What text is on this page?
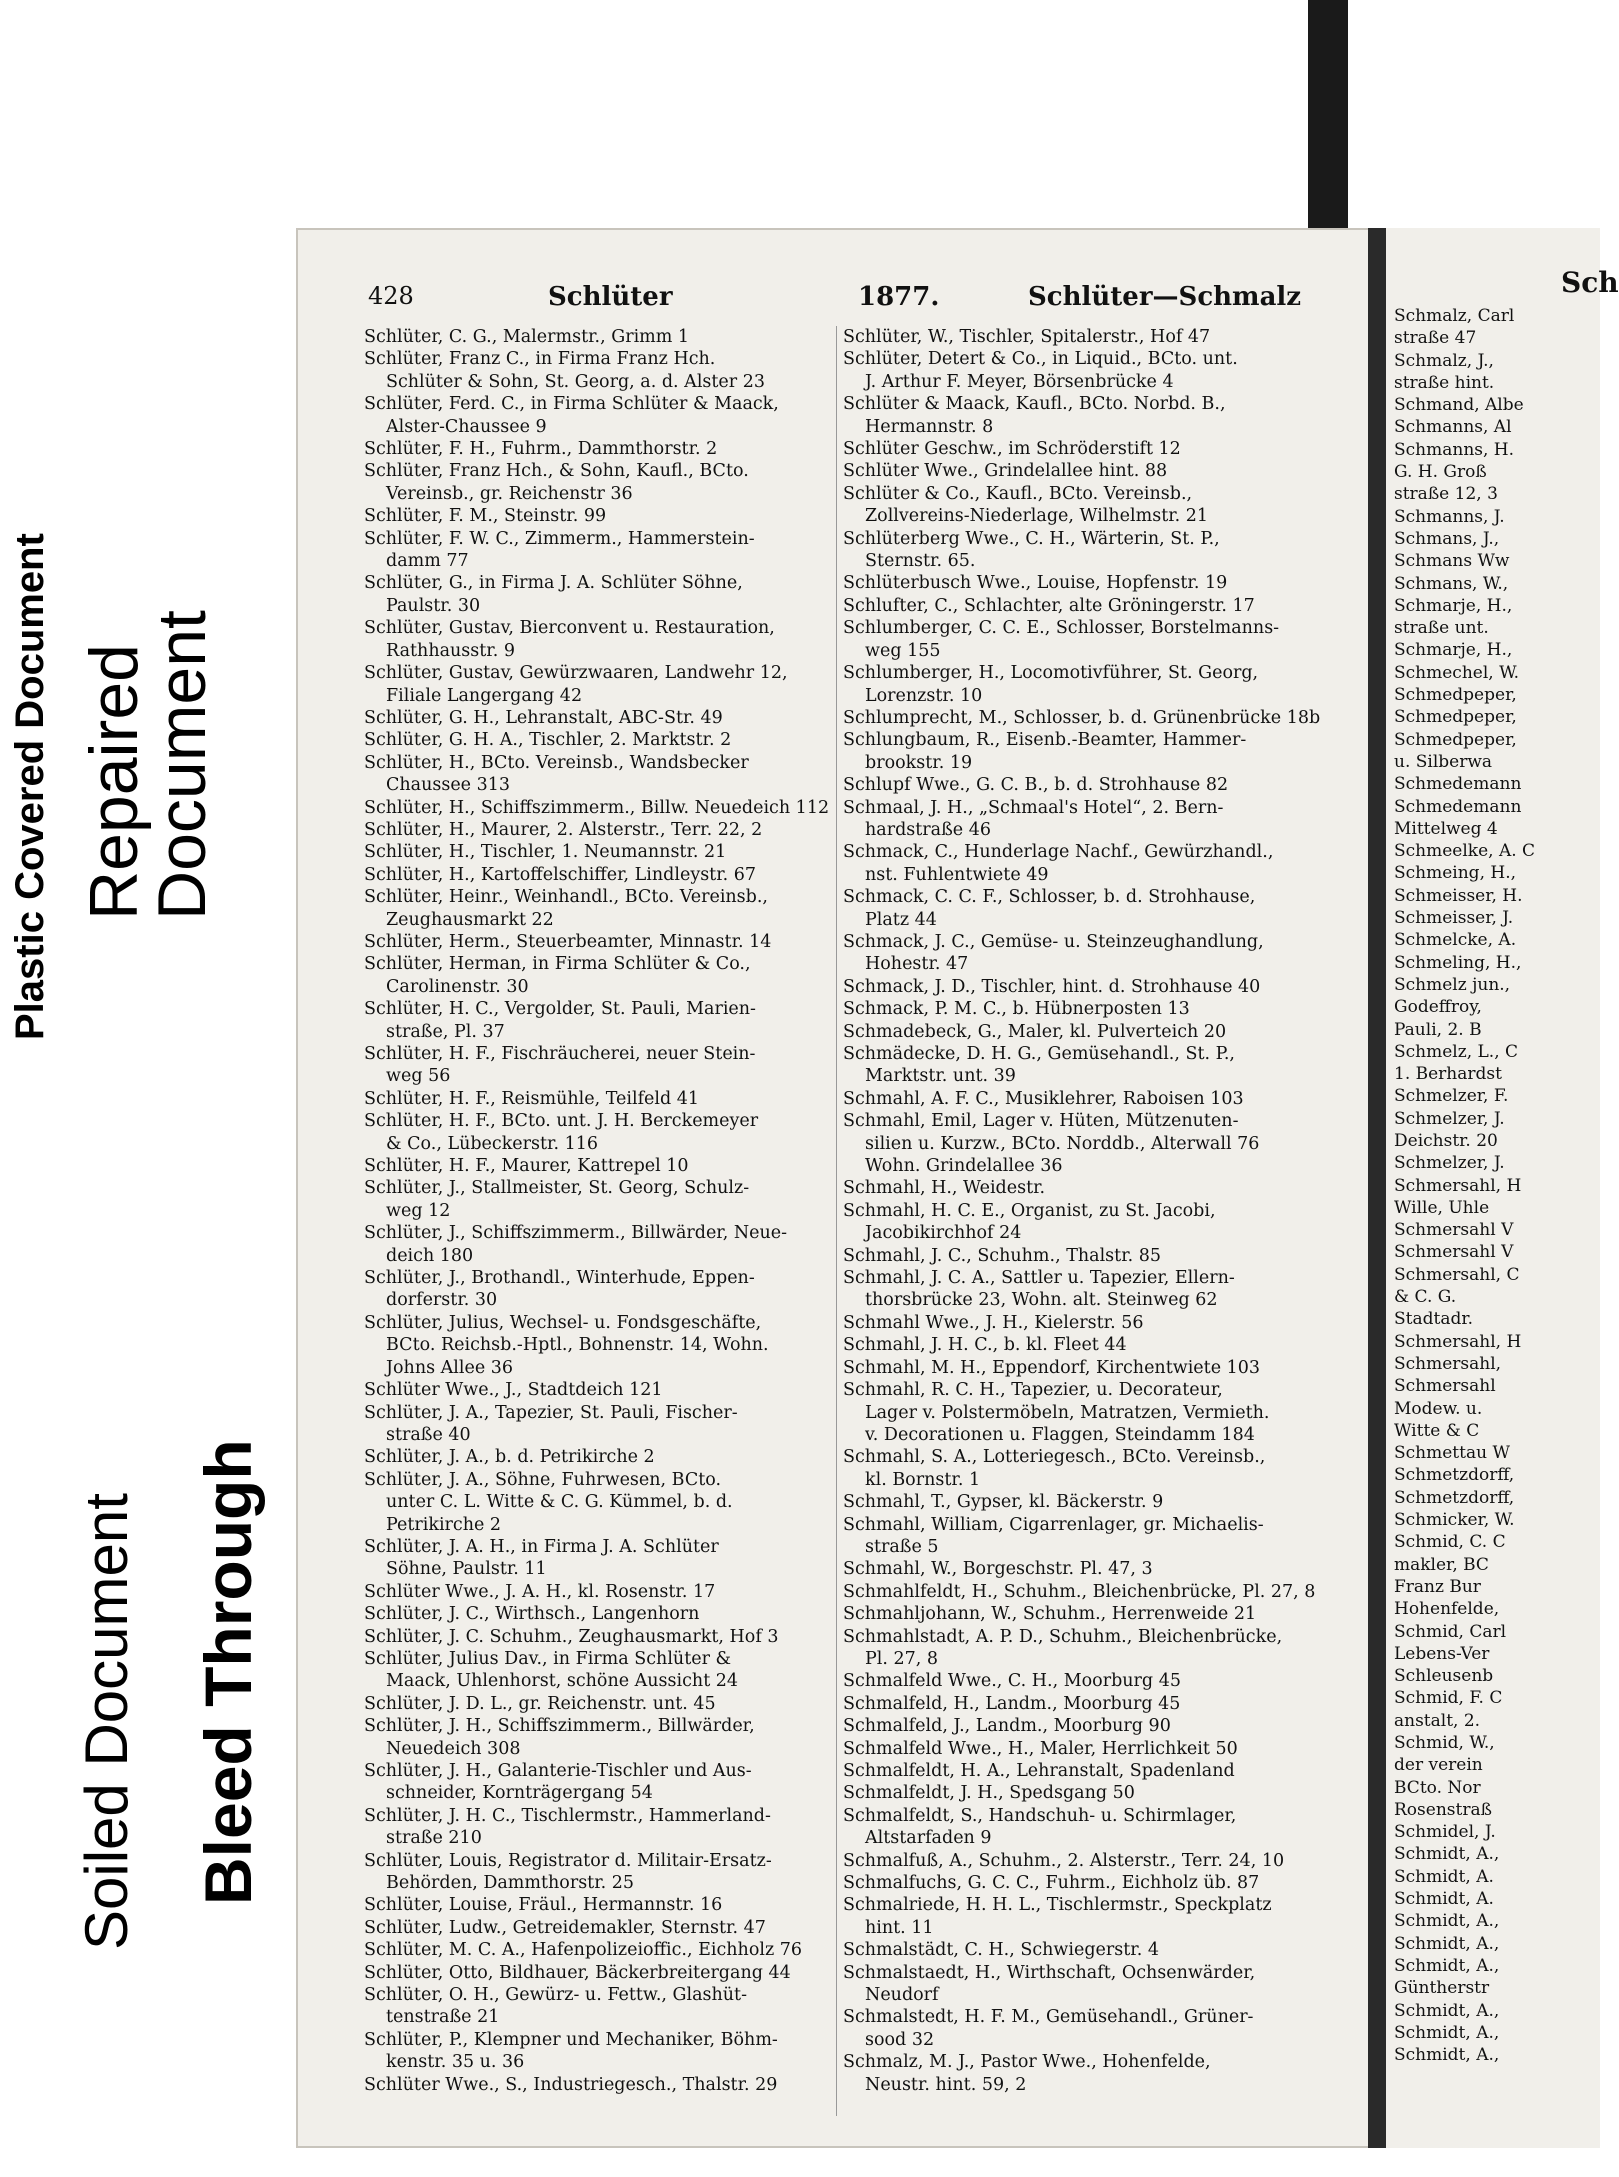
Plastic Covered Document Repaired
Document
Soiled Document Bleed Through
428	Schlüter	1877.	Schlüter—Schmalz
Schlüter, C. G., Malermstr., Grimm 1
Schlüter, Franz C., in Firma Franz Hch.
Schlüter & Sohn, St. Georg, a. d. Alster 23
Schlüter, Ferd. C., in Firma Schlüter & Maack,
Alster-Chaussee 9
Schlüter, F. H., Fuhrm., Dammthorstr. 2
Schlüter, Franz Hch., & Sohn, Kaufl., BCto.
Vereinsb., gr. Reichenstr 36
Schlüter, F. M., Steinstr. 99
Schlüter, F. W. C., Zimmerm., Hammerstein-
damm 77
Schlüter, G., in Firma J. A. Schlüter Söhne,
Paulstr. 30
Schlüter, Gustav, Bierconvent u. Restauration,
Rathhausstr. 9
Schlüter, Gustav, Gewürzwaaren, Landwehr 12,
Filiale Langergang 42
Schlüter, G. H., Lehranstalt, ABC-Str. 49
Schlüter, G. H. A., Tischler, 2. Marktstr. 2
Schlüter, H., BCto. Vereinsb., Wandsbecker
Chaussee 313
Schlüter, H., Schiffszimmerm., Billw. Neuedeich 112
Schlüter, H., Maurer, 2. Alsterstr., Terr. 22, 2
Schlüter, H., Tischler, 1. Neumannstr. 21
Schlüter, H., Kartoffelschiffer, Lindleystr. 67
Schlüter, Heinr., Weinhandl., BCto. Vereinsb.,
Zeughausmarkt 22
Schlüter, Herm., Steuerbeamter, Minnastr. 14
Schlüter, Herman, in Firma Schlüter & Co.,
Carolinenstr. 30
Schlüter, H. C., Vergolder, St. Pauli, Marien-
straße, Pl. 37
Schlüter, H. F., Fischräucherei, neuer Stein-
weg 56
Schlüter, H. F., Reismühle, Teilfeld 41
Schlüter, H. F., BCto. unt. J. H. Berckemeyer
& Co., Lübeckerstr. 116
Schlüter, H. F., Maurer, Kattrepel 10
Schlüter, J., Stallmeister, St. Georg, Schulz-
weg 12
Schlüter, J., Schiffszimmerm., Billwärder, Neue-
deich 180
Schlüter, J., Brothandl., Winterhude, Eppen-
dorferstr. 30
Schlüter, Julius, Wechsel- u. Fondsgeschäfte,
BCto. Reichsb.-Hptl., Bohnenstr. 14, Wohn.
Johns Allee 36
Schlüter Wwe., J., Stadtdeich 121
Schlüter, J. A., Tapezier, St. Pauli, Fischer-
straße 40
Schlüter, J. A., b. d. Petrikirche 2
Schlüter, J. A., Söhne, Fuhrwesen, BCto.
unter C. L. Witte & C. G. Kümmel, b. d.
Petrikirche 2
Schlüter, J. A. H., in Firma J. A. Schlüter
Söhne, Paulstr. 11
Schlüter Wwe., J. A. H., kl. Rosenstr. 17
Schlüter, J. C., Wirthsch., Langenhorn
Schlüter, J. C. Schuhm., Zeughausmarkt, Hof 3
Schlüter, Julius Dav., in Firma Schlüter &
Maack, Uhlenhorst, schöne Aussicht 24
Schlüter, J. D. L., gr. Reichenstr. unt. 45
Schlüter, J. H., Schiffszimmerm., Billwärder,
Neuedeich 308
Schlüter, J. H., Galanterie-Tischler und Aus-
schneider, Kornträgergang 54
Schlüter, J. H. C., Tischlermstr., Hammerland-
straße 210
Schlüter, Louis, Registrator d. Militair-Ersatz-
Behörden, Dammthorstr. 25
Schlüter, Louise, Fräul., Hermannstr. 16
Schlüter, Ludw., Getreidemakler, Sternstr. 47
Schlüter, M. C. A., Hafenpolizeioffic., Eichholz 76
Schlüter, Otto, Bildhauer, Bäckerbreitergang 44
Schlüter, O. H., Gewürz- u. Fettw., Glashüt-
tenstraße 21
Schlüter, P., Klempner und Mechaniker, Böhm-
kenstr. 35 u. 36
Schlüter Wwe., S., Industriegesch., Thalstr. 29
Schlüter, W., Tischler, Spitalerstr., Hof 47
Schlüter, Detert & Co., in Liquid., BCto. unt.
J. Arthur F. Meyer, Börsenbrücke 4
Schlüter & Maack, Kaufl., BCto. Norbd. B.,
Hermannstr. 8
Schlüter Geschw., im Schröderstift 12
Schlüter Wwe., Grindelallee hint. 88
Schlüter & Co., Kaufl., BCto. Vereinsb.,
Zollvereins-Niederlage, Wilhelmstr. 21
Schlüterberg Wwe., C. H., Wärterin, St. P.,
Sternstr. 65.
Schlüterbusch Wwe., Louise, Hopfenstr. 19
Schlufter, C., Schlachter, alte Gröningerstr. 17
Schlumberger, C. C. E., Schlosser, Borstelmanns-
weg 155
Schlumberger, H., Locomotivführer, St. Georg,
Lorenzstr. 10
Schlumprecht, M., Schlosser, b. d. Grünenbrücke 18b
Schlungbaum, R., Eisenb.-Beamter, Hammer-
brookstr. 19
Schlupf Wwe., G. C. B., b. d. Strohhause 82
Schmaal, J. H., „Schmaal's Hotel“, 2. Bern-
hardstraße 46
Schmack, C., Hunderlage Nachf., Gewürzhandl.,
nst. Fuhlentwiete 49
Schmack, C. C. F., Schlosser, b. d. Strohhause,
Platz 44
Schmack, J. C., Gemüse- u. Steinzeughandlung,
Hohestr. 47
Schmack, J. D., Tischler, hint. d. Strohhause 40
Schmack, P. M. C., b. Hübnerposten 13
Schmadebeck, G., Maler, kl. Pulverteich 20
Schmädecke, D. H. G., Gemüsehandl., St. P.,
Marktstr. unt. 39
Schmahl, A. F. C., Musiklehrer, Raboisen 103
Schmahl, Emil, Lager v. Hüten, Mützenuten-
silien u. Kurzw., BCto. Norddb., Alterwall 76
Wohn. Grindelallee 36
Schmahl, H., Weidestr.
Schmahl, H. C. E., Organist, zu St. Jacobi,
Jacobikirchhof 24
Schmahl, J. C., Schuhm., Thalstr. 85
Schmahl, J. C. A., Sattler u. Tapezier, Ellern-
thorsbrücke 23, Wohn. alt. Steinweg 62
Schmahl Wwe., J. H., Kielerstr. 56
Schmahl, J. H. C., b. kl. Fleet 44
Schmahl, M. H., Eppendorf, Kirchentwiete 103
Schmahl, R. C. H., Tapezier, u. Decorateur,
Lager v. Polstermöbeln, Matratzen, Vermieth.
v. Decorationen u. Flaggen, Steindamm 184
Schmahl, S. A., Lotteriegesch., BCto. Vereinsb.,
kl. Bornstr. 1
Schmahl, T., Gypser, kl. Bäckerstr. 9
Schmahl, William, Cigarrenlager, gr. Michaelis-
straße 5
Schmahl, W., Borgeschstr. Pl. 47, 3
Schmahlfeldt, H., Schuhm., Bleichenbrücke, Pl. 27, 8
Schmahljohann, W., Schuhm., Herrenweide 21
Schmahlstadt, A. P. D., Schuhm., Bleichenbrücke,
Pl. 27, 8
Schmalfeld Wwe., C. H., Moorburg 45
Schmalfeld, H., Landm., Moorburg 45
Schmalfeld, J., Landm., Moorburg 90
Schmalfeld Wwe., H., Maler, Herrlichkeit 50
Schmalfeldt, H. A., Lehranstalt, Spadenland
Schmalfeldt, J. H., Spedsgang 50
Schmalfeldt, S., Handschuh- u. Schirmlager,
Altstarfaden 9
Schmalfuß, A., Schuhm., 2. Alsterstr., Terr. 24, 10
Schmalfuchs, G. C. C., Fuhrm., Eichholz üb. 87
Schmalriede, H. H. L., Tischlermstr., Speckplatz
hint. 11
Schmalstädt, C. H., Schwiegerstr. 4
Schmalstaedt, H., Wirthschaft, Ochsenwärder,
Neudorf
Schmalstedt, H. F. M., Gemüsehandl., Grüner-
sood 32
Schmalz, M. J., Pastor Wwe., Hohenfelde,
Neustr. hint. 59, 2
Sch
Schmalz, Carl
straße 47
Schmalz, J.,
straße hint.
Schmand, Albe
Schmanns, Al
Schmanns, H.
G. H. Groß
straße 12, 3
Schmanns, J.
Schmans, J.,
Schmans Ww
Schmans, W.,
Schmarje, H.,
straße unt.
Schmarje, H.,
Schmechel, W.
Schmedpeper,
Schmedpeper,
Schmedpeper,
u. Silberwa
Schmedemann
Schmedemann
Mittelweg 4
Schmeelke, A. C
Schmeing, H.,
Schmeisser, H.
Schmeisser, J.
Schmelcke, A.
Schmeling, H.,
Schmelz jun.,
Godeffroy,
Pauli, 2. B
Schmelz, L., C
1. Berhardst
Schmelzer, F.
Schmelzer, J.
Deichstr. 20
Schmelzer, J.
Schmersahl, H
Wille, Uhle
Schmersahl V
Schmersahl V
Schmersahl, C
& C. G.
Stadtadr.
Schmersahl, H
Schmersahl,
Schmersahl
Modew. u.
Witte & C
Schmettau W
Schmetzdorff,
Schmetzdorff,
Schmicker, W.
Schmid, C. C
makler, BC
Franz Bur
Hohenfelde,
Schmid, Carl
Lebens-Ver
Schleusenb
Schmid, F. C
anstalt, 2.
Schmid, W.,
der verein
BCto. Nor
Rosenstraß
Schmidel, J.
Schmidt, A.,
Schmidt, A.
Schmidt, A.
Schmidt, A.,
Schmidt, A.,
Schmidt, A.,
Güntherstr
Schmidt, A.,
Schmidt, A.,
Schmidt, A.,
